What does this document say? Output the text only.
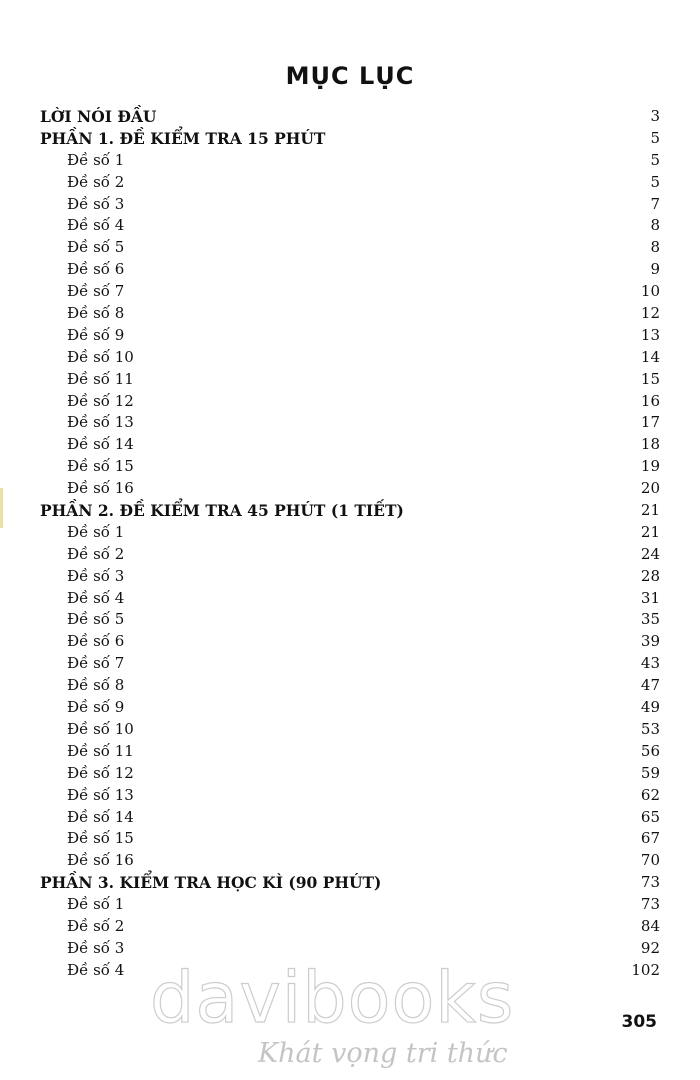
MỤC LỤC
LỜI NÓI ĐẦU	3
PHẦN 1. ĐỀ KIỂM TRA 15 PHÚT	5
Đề số 1	5
Đề số 2	5
Đề số 3	7
Đề số 4	8
Đề số 5	8
Đề số 6	9
Đề số 7	10
Đề số 8	12
Đề số 9	13
Đề số 10	14
Đề số 11	15
Đề số 12	16
Đề số 13	17
Đề số 14	18
Đề số 15	19
Đề số 16	20
PHẦN 2. ĐỀ KIỂM TRA 45 PHÚT (1 TIẾT)	21
Đề số 1	21
Đề số 2	24
Đề số 3	28
Đề số 4	31
Đề số 5	35
Đề số 6	39
Đề số 7	43
Đề số 8	47
Đề số 9	49
Đề số 10	53
Đề số 11	56
Đề số 12	59
Đề số 13	62
Đề số 14	65
Đề số 15	67
Đề số 16	70
PHẦN 3. KIỂM TRA HỌC KÌ (90 PHÚT)	73
Đề số 1	73
Đề số 2	84
Đề số 3	92
Đề số 4	102
305
davibooks
Khát vọng tri thức
